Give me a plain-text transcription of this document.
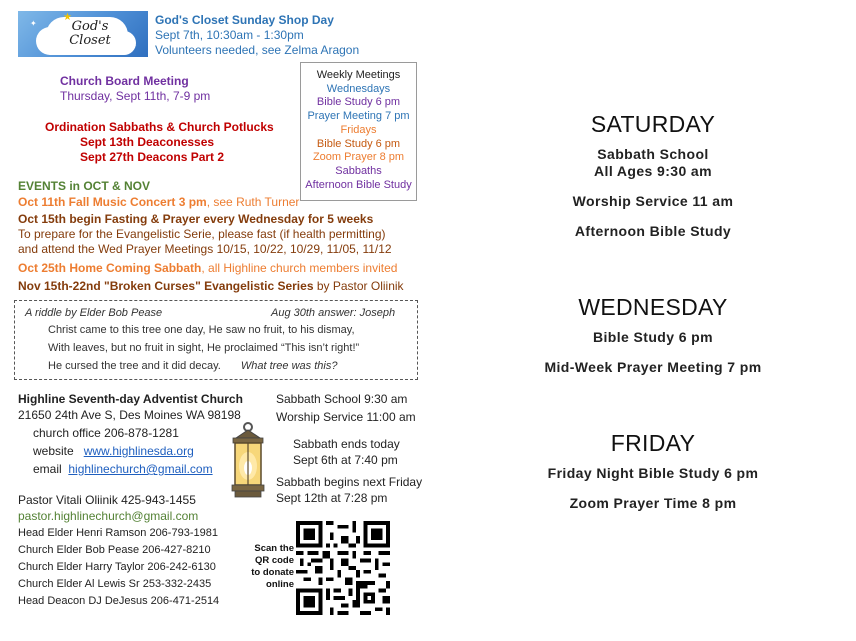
★
✦
✦
God's
Closet
God's Closet Sunday Shop Day
Sept 7th, 10:30am - 1:30pm
Volunteers needed, see Zelma Aragon
Church Board Meeting
Thursday, Sept 11th, 7-9 pm
Ordination Sabbaths & Church Potlucks
Sept 13th Deaconesses
Sept 27th Deacons Part 2
Weekly Meetings
Wednesdays
Bible Study 6 pm
Prayer Meeting 7 pm
Fridays
Bible Study 6 pm
Zoom Prayer 8 pm
Sabbaths
Afternoon Bible Study
EVENTS in OCT & NOV
Oct 11th Fall Music Concert 3 pm, see Ruth Turner
Oct 15th begin Fasting & Prayer every Wednesday for 5 weeks
To prepare for the Evangelistic Serie, please fast (if health permitting)
and attend the Wed Prayer Meetings 10/15, 10/22, 10/29, 11/05, 11/12
Oct 25th Home Coming Sabbath, all Highline church members invited
Nov 15th-22nd "Broken Curses" Evangelistic Series by Pastor Oliinik
A riddle by Elder Bob Pease	Aug 30th answer: Joseph
Christ came to this tree one day, He saw no fruit, to his dismay,
With leaves, but no fruit in sight, He proclaimed “This isn’t right!”
He cursed the tree and it did decay. What tree was this?
Highline Seventh-day Adventist Church
21650 24th Ave S, Des Moines WA 98198
church office 206-878-1281
website www.highlinesda.org
email highlinechurch@gmail.com
Sabbath School 9:30 am
Worship Service 11:00 am
Sabbath ends today
Sept 6th at 7:40 pm
Sabbath begins next Friday
Sept 12th at 7:28 pm
Pastor Vitali Oliinik 425-943-1455
pastor.highlinechurch@gmail.com
Head Elder Henri Ramson 206-793-1981
Church Elder Bob Pease 206-427-8210
Church Elder Harry Taylor 206-242-6130
Church Elder Al Lewis Sr 253-332-2435
Head Deacon DJ DeJesus 206-471-2514
Scan the
QR code
to donate
online
SATURDAY
Sabbath School
All Ages 9:30 am
Worship Service 11 am
Afternoon Bible Study
WEDNESDAY
Bible Study 6 pm
Mid-Week Prayer Meeting 7 pm
FRIDAY
Friday Night Bible Study 6 pm
Zoom Prayer Time 8 pm
